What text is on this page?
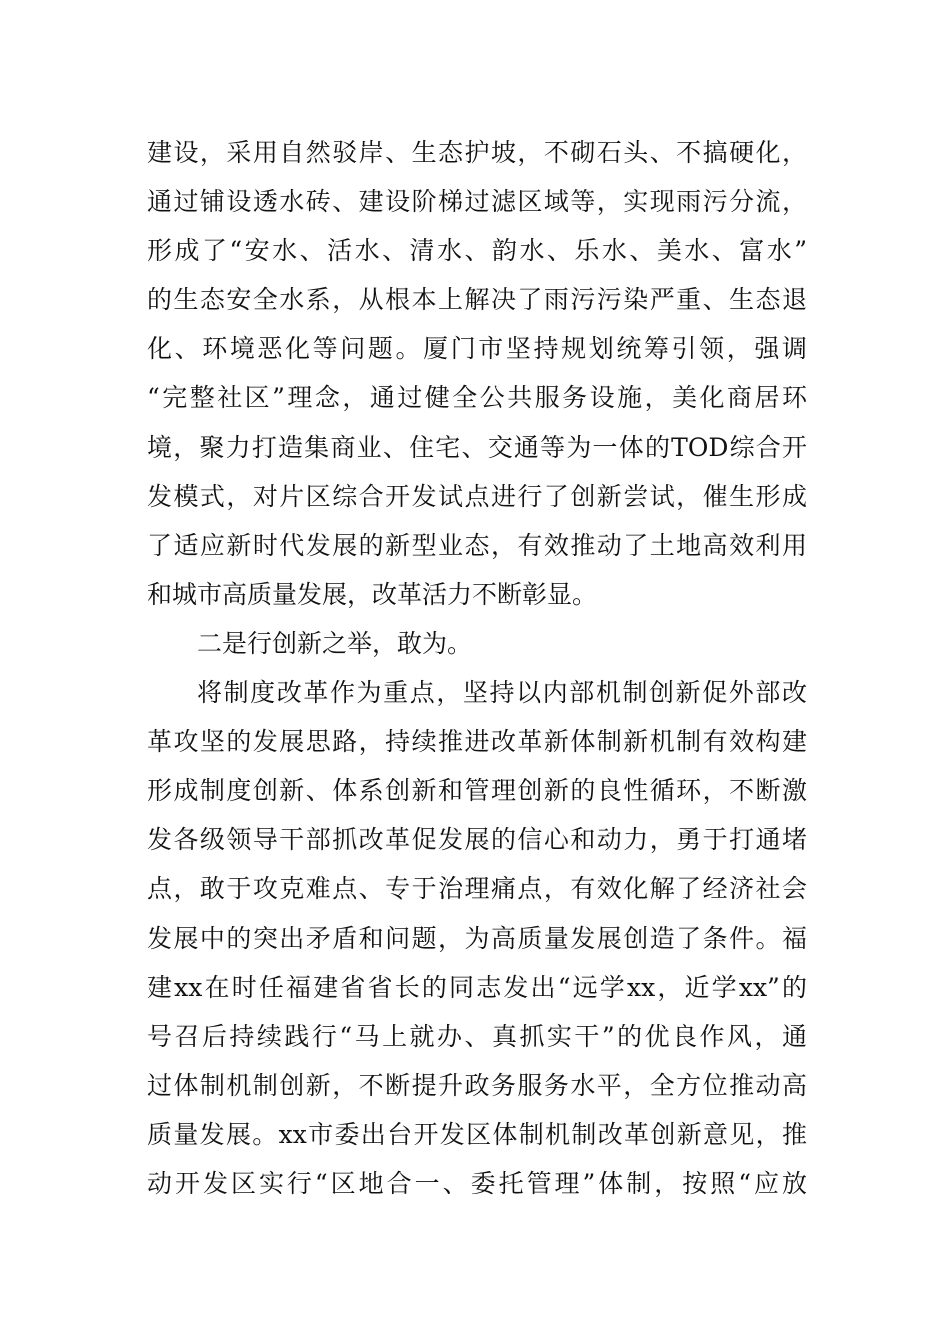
建设，采用自然驳岸、生态护坡，不砌石头、不搞硬化，
通过铺设透水砖、建设阶梯过滤区域等，实现雨污分流，
形成了“安水、活水、清水、韵水、乐水、美水、富水”
的生态安全水系，从根本上解决了雨污污染严重、生态退
化、环境恶化等问题。厦门市坚持规划统筹引领，强调
“完整社区”理念，通过健全公共服务设施，美化商居环
境，聚力打造集商业、住宅、交通等为一体的TOD综合开
发模式，对片区综合开发试点进行了创新尝试，催生形成
了适应新时代发展的新型业态，有效推动了土地高效利用
和城市高质量发展，改革活力不断彰显。
二是行创新之举，敢为。
将制度改革作为重点，坚持以内部机制创新促外部改
革攻坚的发展思路，持续推进改革新体制新机制有效构建
形成制度创新、体系创新和管理创新的良性循环，不断激
发各级领导干部抓改革促发展的信心和动力，勇于打通堵
点，敢于攻克难点、专于治理痛点，有效化解了经济社会
发展中的突出矛盾和问题，为高质量发展创造了条件。福
建xx在时任福建省省长的同志发出“远学xx，近学xx”的
号召后持续践行“马上就办、真抓实干”的优良作风，通
过体制机制创新，不断提升政务服务水平，全方位推动高
质量发展。xx市委出台开发区体制机制改革创新意见，推
动开发区实行“区地合一、委托管理”体制，按照“应放
